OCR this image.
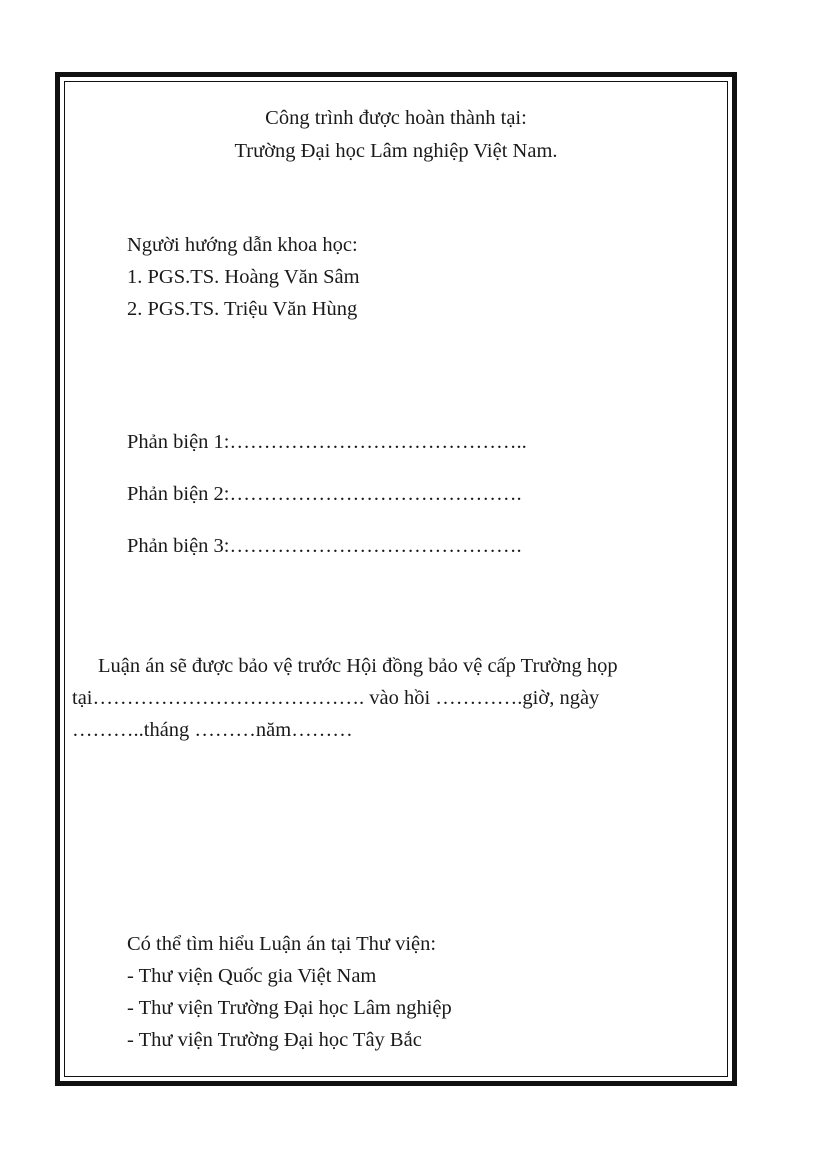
Công trình được hoàn thành tại:
Trường Đại học Lâm nghiệp Việt Nam.
Người hướng dẫn khoa học:
1. PGS.TS. Hoàng Văn Sâm
2. PGS.TS. Triệu Văn Hùng
Phản biện 1:……………………………………..
Phản biện 2:…………………………………….
Phản biện 3:…………………………………….
Luận án sẽ được bảo vệ trước Hội đồng bảo vệ cấp Trường họp
tại…………………………………. vào hồi ………….giờ, ngày
………..tháng ………năm………
Có thể tìm hiểu Luận án tại Thư viện:
- Thư viện Quốc gia Việt Nam
- Thư viện Trường Đại học Lâm nghiệp
- Thư viện Trường Đại học Tây Bắc
